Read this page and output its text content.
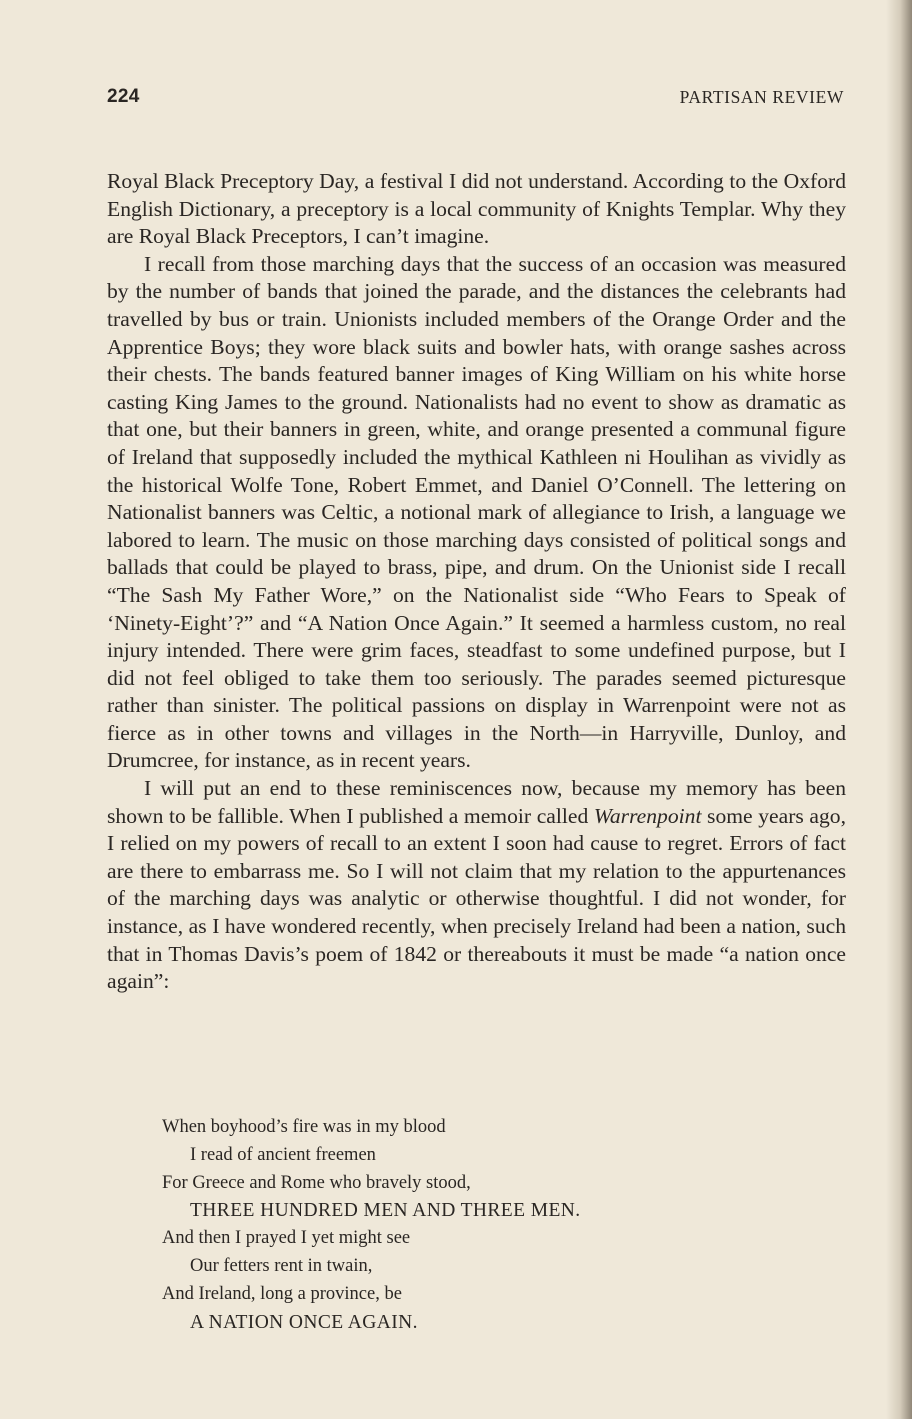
224	PARTISAN REVIEW

Royal Black Preceptory Day, a festival I did not understand. According to the Oxford English Dictionary, a preceptory is a local community of Knights Templar. Why they are Royal Black Preceptors, I can’t imagine.

I recall from those marching days that the success of an occasion was measured by the number of bands that joined the parade, and the distances the celebrants had travelled by bus or train. Unionists included members of the Orange Order and the Apprentice Boys; they wore black suits and bowler hats, with orange sashes across their chests. The bands featured banner images of King William on his white horse casting King James to the ground. Nationalists had no event to show as dramatic as that one, but their banners in green, white, and orange presented a communal figure of Ireland that supposedly included the mythical Kathleen ni Houlihan as vividly as the historical Wolfe Tone, Robert Emmet, and Daniel O’Connell. The lettering on Nationalist banners was Celtic, a notional mark of allegiance to Irish, a language we labored to learn. The music on those marching days consisted of political songs and ballads that could be played to brass, pipe, and drum. On the Unionist side I recall “The Sash My Father Wore,” on the Nationalist side “Who Fears to Speak of ‘Ninety-Eight’?” and “A Nation Once Again.” It seemed a harmless custom, no real injury intended. There were grim faces, steadfast to some undefined purpose, but I did not feel obliged to take them too seriously. The parades seemed picturesque rather than sinister. The political passions on display in Warrenpoint were not as fierce as in other towns and villages in the North—in Harryville, Dunloy, and Drumcree, for instance, as in recent years.

I will put an end to these reminiscences now, because my memory has been shown to be fallible. When I published a memoir called Warrenpoint some years ago, I relied on my powers of recall to an extent I soon had cause to regret. Errors of fact are there to embarrass me. So I will not claim that my relation to the appurtenances of the marching days was analytic or otherwise thoughtful. I did not wonder, for instance, as I have wondered recently, when precisely Ireland had been a nation, such that in Thomas Davis’s poem of 1842 or thereabouts it must be made “a nation once again”:

When boyhood’s fire was in my blood
I read of ancient freemen
For Greece and Rome who bravely stood,
THREE HUNDRED MEN AND THREE MEN.
And then I prayed I yet might see
Our fetters rent in twain,
And Ireland, long a province, be
A NATION ONCE AGAIN.
